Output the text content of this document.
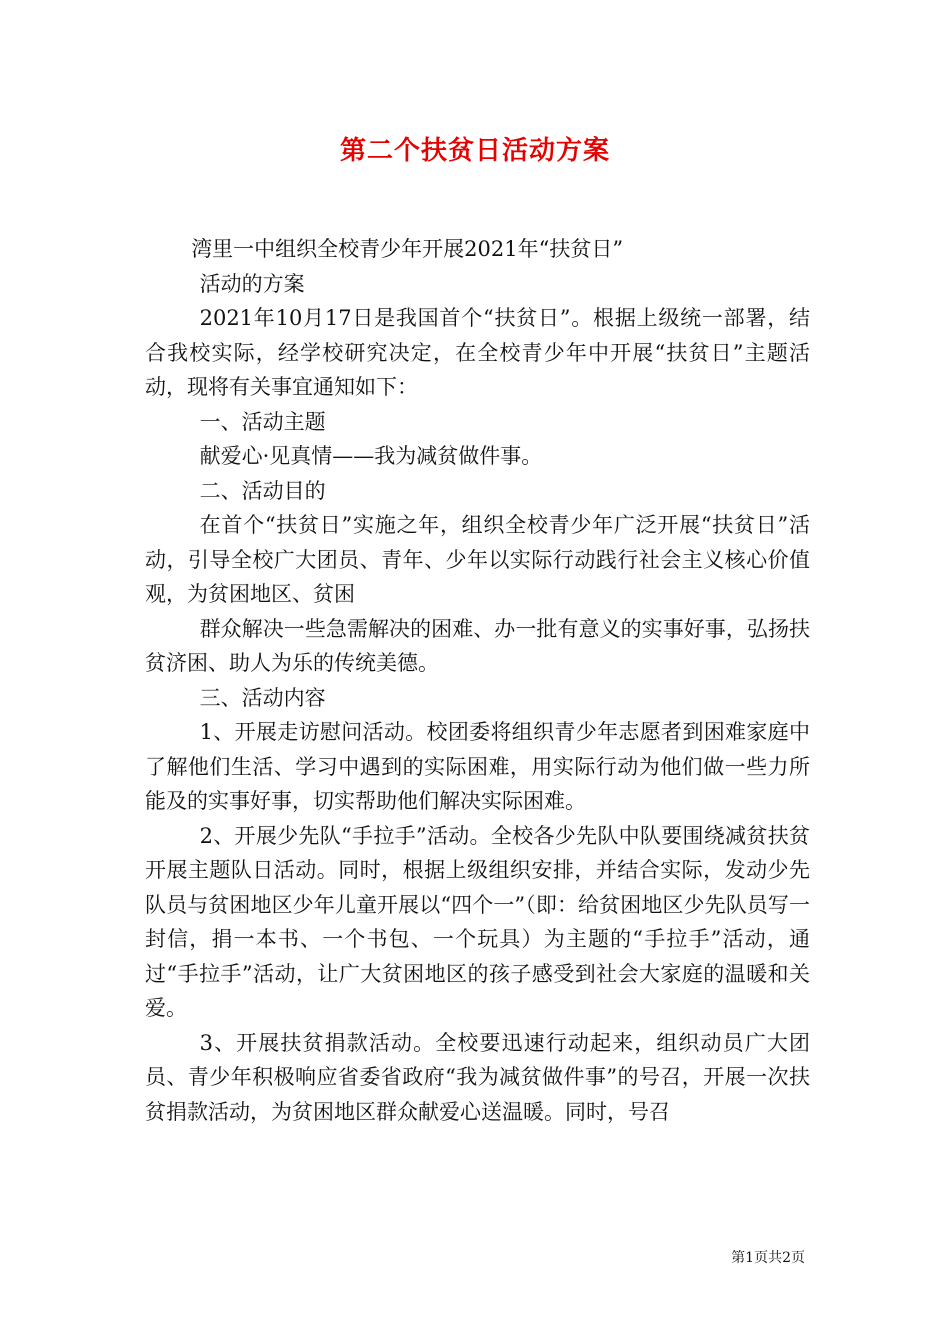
第二个扶贫日活动方案

湾里一中组织全校青少年开展2021年“扶贫日”

活动的方案

2021年10月17日是我国首个“扶贫日”。根据上级统一部署，结合我校实际，经学校研究决定，在全校青少年中开展“扶贫日”主题活动，现将有关事宜通知如下：

一、活动主题

献爱心·见真情——我为减贫做件事。

二、活动目的

在首个“扶贫日”实施之年，组织全校青少年广泛开展“扶贫日”活动，引导全校广大团员、青年、少年以实际行动践行社会主义核心价值观，为贫困地区、贫困

群众解决一些急需解决的困难、办一批有意义的实事好事，弘扬扶贫济困、助人为乐的传统美德。

三、活动内容

1、开展走访慰问活动。校团委将组织青少年志愿者到困难家庭中了解他们生活、学习中遇到的实际困难，用实际行动为他们做一些力所能及的实事好事，切实帮助他们解决实际困难。

2、开展少先队“手拉手”活动。全校各少先队中队要围绕减贫扶贫开展主题队日活动。同时，根据上级组织安排，并结合实际，发动少先队员与贫困地区少年儿童开展以“四个一”（即：给贫困地区少先队员写一封信，捐一本书、一个书包、一个玩具）为主题的“手拉手”活动，通过“手拉手”活动，让广大贫困地区的孩子感受到社会大家庭的温暖和关爱。

3、开展扶贫捐款活动。全校要迅速行动起来，组织动员广大团员、青少年积极响应省委省政府“我为减贫做件事”的号召，开展一次扶贫捐款活动，为贫困地区群众献爱心送温暖。同时，号召

第1页共2页
